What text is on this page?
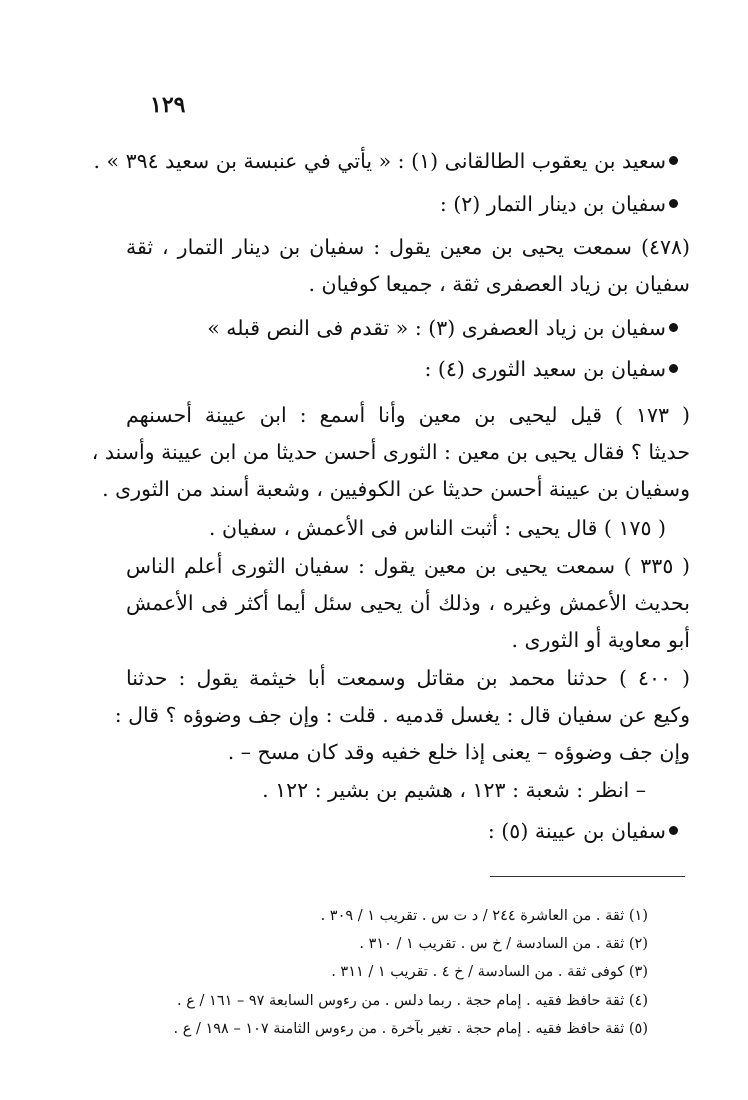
١٢٩
سعيد بن يعقوب الطالقانى (١) : « يأتي في عنبسة بن سعيد ٣٩٤ » .
سفيان بن دينار التمار (٢) :
(٤٧٨) سمعت يحيى بن معين يقول : سفيان بن دينار التمار ، ثقة
سفيان بن زياد العصفرى ثقة ، جميعا كوفيان .
سفيان بن زياد العصفرى (٣) : « تقدم فى النص قبله »
سفيان بن سعيد الثورى (٤) :
( ١٧٣ ) قيل ليحيى بن معين وأنا أسمع : ابن عيينة أحسنهم
حديثا ؟ فقال يحيى بن معين : الثورى أحسن حديثا من ابن عيينة وأسند ،
وسفيان بن عيينة أحسن حديثا عن الكوفيين ، وشعبة أسند من الثورى .
( ١٧٥ ) قال يحيى : أثبت الناس فى الأعمش ، سفيان .
( ٣٣٥ ) سمعت يحيى بن معين يقول : سفيان الثورى أعلم الناس
بحديث الأعمش وغيره ، وذلك أن يحيى سئل أيما أكثر فى الأعمش
أبو معاوية أو الثورى .
( ٤٠٠ ) حدثنا محمد بن مقاتل وسمعت أبا خيثمة يقول : حدثنا
وكيع عن سفيان قال : يغسل قدميه . قلت : وإن جف وضوؤه ؟ قال :
وإن جف وضوؤه – يعنى إذا خلع خفيه وقد كان مسح – .
– انظر : شعبة : ١٢٣ ، هشيم بن بشير : ١٢٢ .
سفيان بن عيينة (٥) :
(١) ثقة . من العاشرة ٢٤٤ / د ت س . تقريب ١ / ٣٠٩ .
(٢) ثقة . من السادسة / خ س . تقريب ١ / ٣١٠ .
(٣) كوفى ثقة . من السادسة / خ ٤ . تقريب ١ / ٣١١ .
(٤) ثقة حافظ فقيه . إمام حجة . ربما دلس . من رءوس السابعة ٩٧ – ١٦١ / ع .
(٥) ثقة حافظ فقيه . إمام حجة . تغير بآخرة . من رءوس الثامنة ١٠٧ – ١٩٨ / ع .
